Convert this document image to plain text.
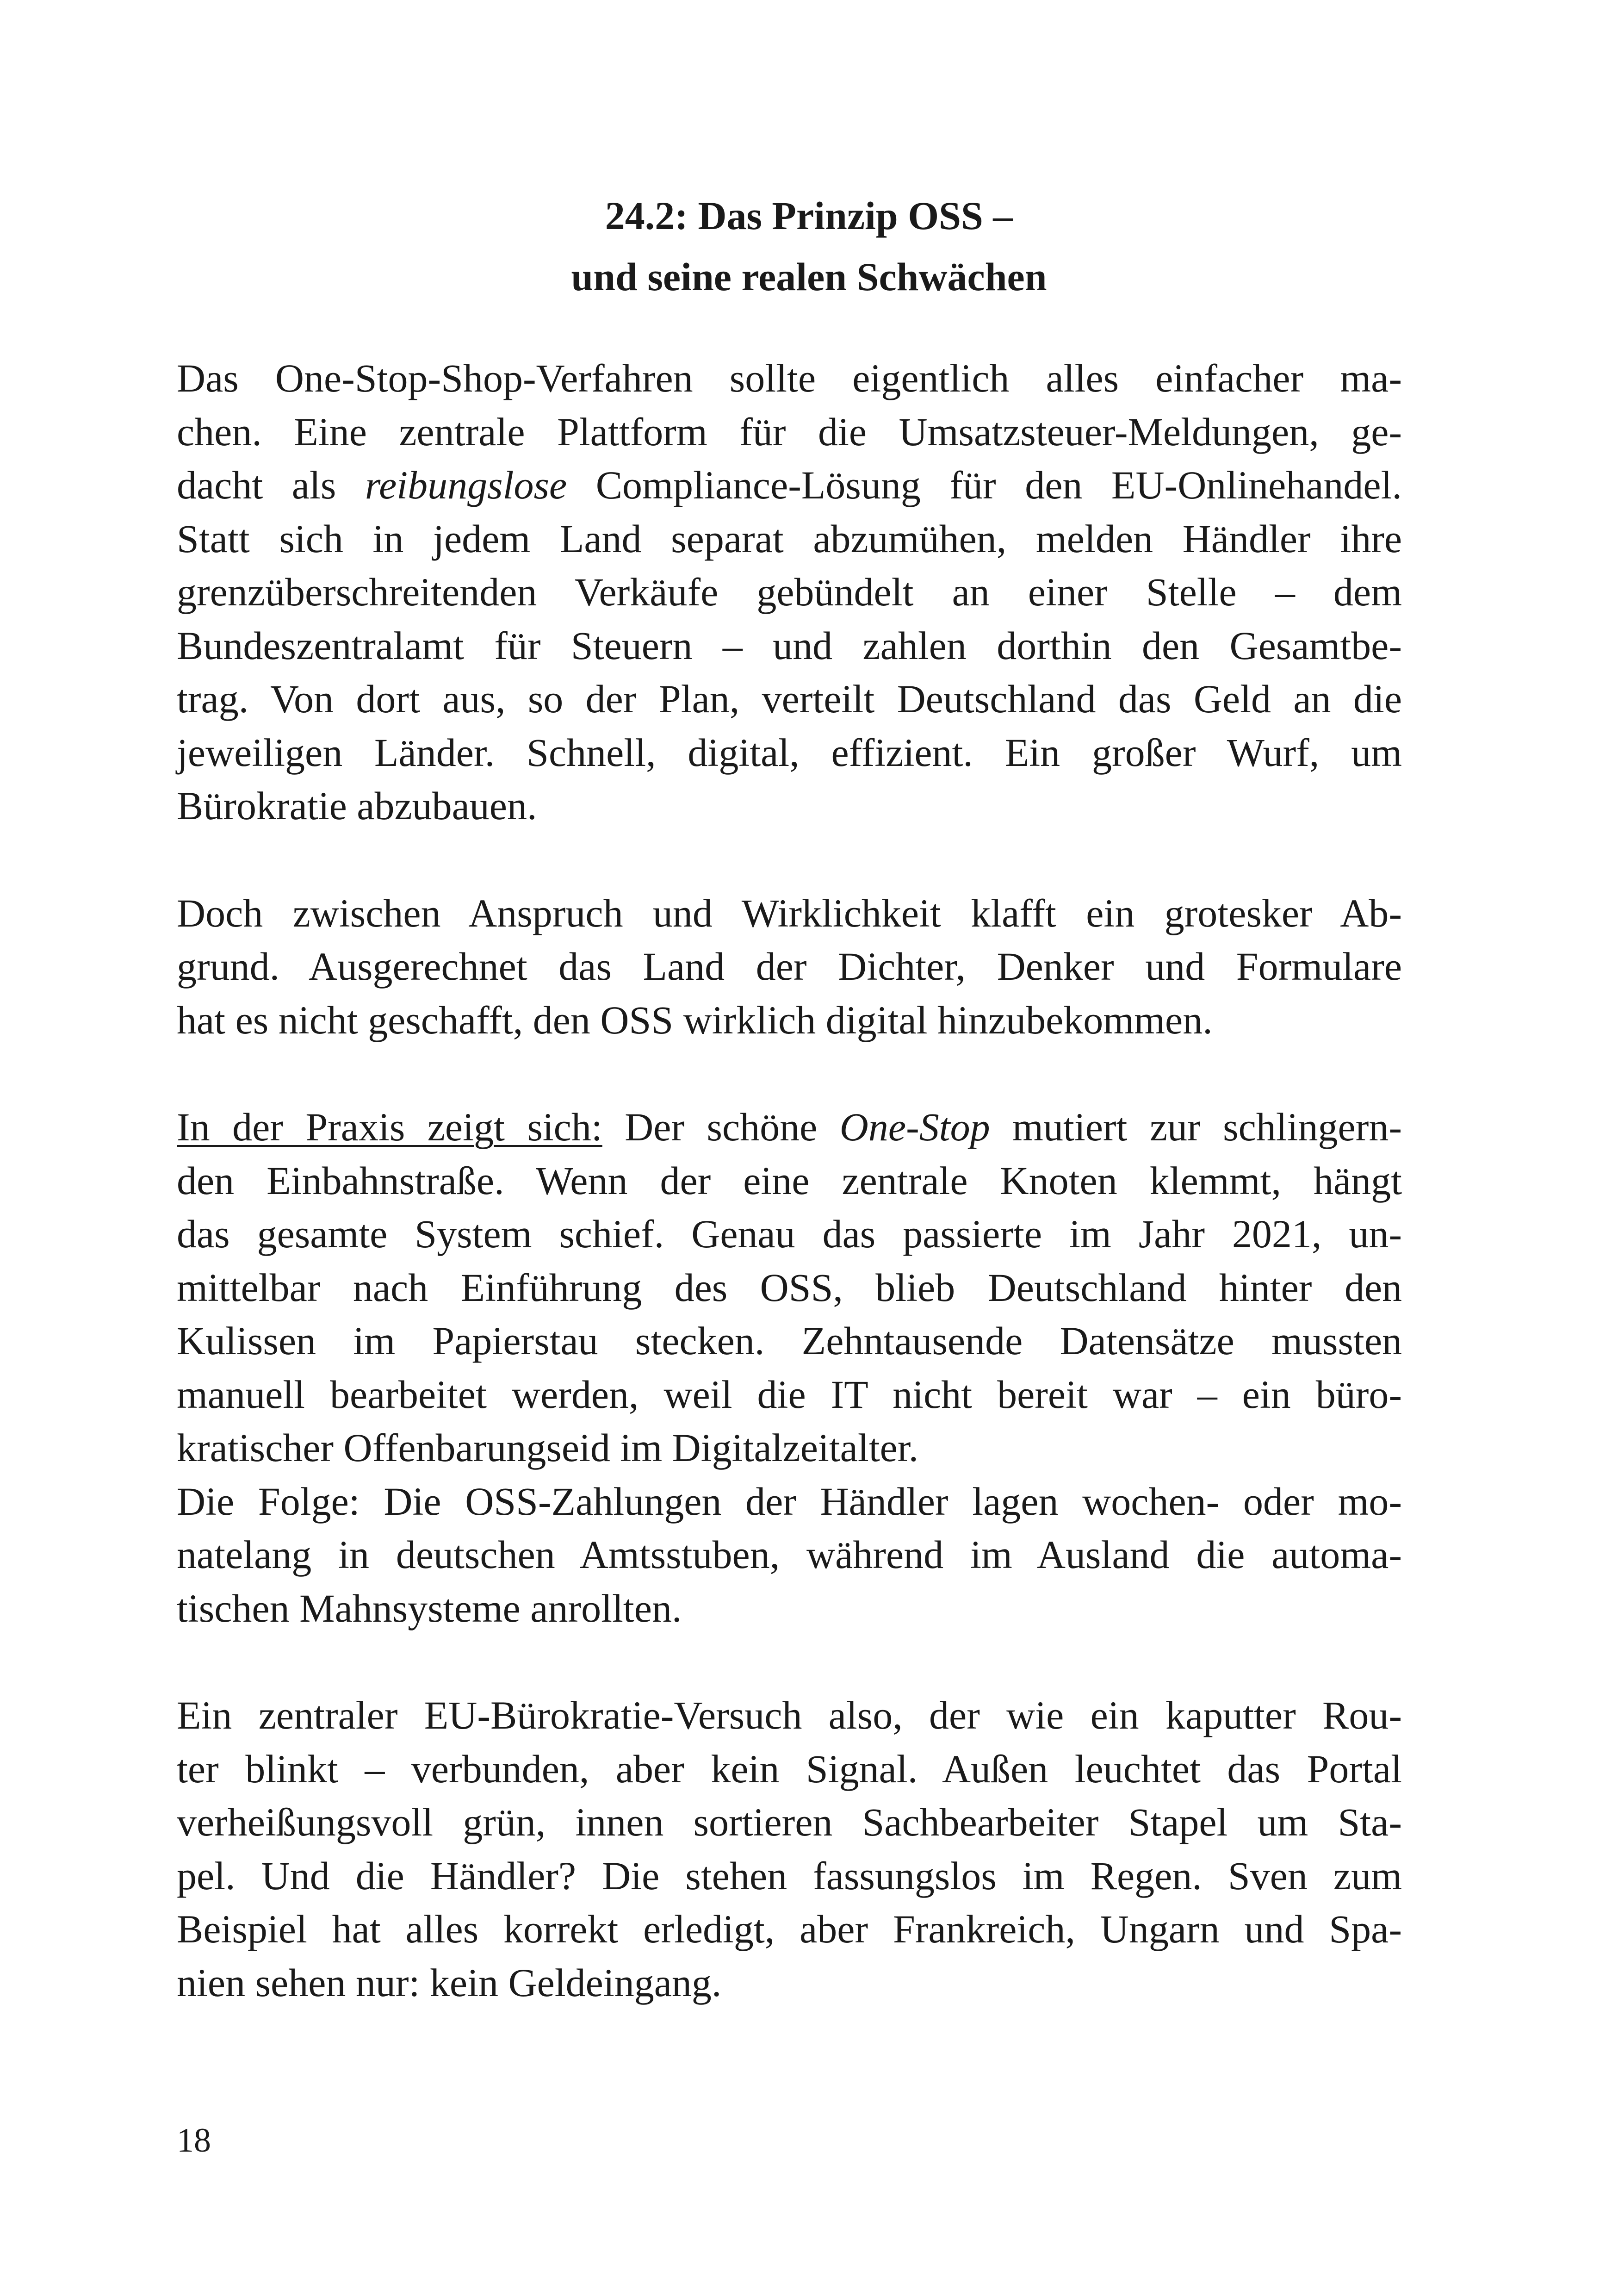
24.2: Das Prinzip OSS –
und seine realen Schwächen

Das One-Stop-Shop-Verfahren sollte eigentlich alles einfacher ma-
chen. Eine zentrale Plattform für die Umsatzsteuer-Meldungen, ge-
dacht als reibungslose Compliance-Lösung für den EU-Onlinehandel.
Statt sich in jedem Land separat abzumühen, melden Händler ihre
grenzüberschreitenden Verkäufe gebündelt an einer Stelle – dem
Bundeszentralamt für Steuern – und zahlen dorthin den Gesamtbe-
trag. Von dort aus, so der Plan, verteilt Deutschland das Geld an die
jeweiligen Länder. Schnell, digital, effizient. Ein großer Wurf, um
Bürokratie abzubauen.

Doch zwischen Anspruch und Wirklichkeit klafft ein grotesker Ab-
grund. Ausgerechnet das Land der Dichter, Denker und Formulare
hat es nicht geschafft, den OSS wirklich digital hinzubekommen.

In der Praxis zeigt sich: Der schöne One-Stop mutiert zur schlingern-
den Einbahnstraße. Wenn der eine zentrale Knoten klemmt, hängt
das gesamte System schief. Genau das passierte im Jahr 2021, un-
mittelbar nach Einführung des OSS, blieb Deutschland hinter den
Kulissen im Papierstau stecken. Zehntausende Datensätze mussten
manuell bearbeitet werden, weil die IT nicht bereit war – ein büro-
kratischer Offenbarungseid im Digitalzeitalter.

Die Folge: Die OSS-Zahlungen der Händler lagen wochen- oder mo-
natelang in deutschen Amtsstuben, während im Ausland die automa-
tischen Mahnsysteme anrollten.

Ein zentraler EU-Bürokratie-Versuch also, der wie ein kaputter Rou-
ter blinkt – verbunden, aber kein Signal. Außen leuchtet das Portal
verheißungsvoll grün, innen sortieren Sachbearbeiter Stapel um Sta-
pel. Und die Händler? Die stehen fassungslos im Regen. Sven zum
Beispiel hat alles korrekt erledigt, aber Frankreich, Ungarn und Spa-
nien sehen nur: kein Geldeingang.

18
